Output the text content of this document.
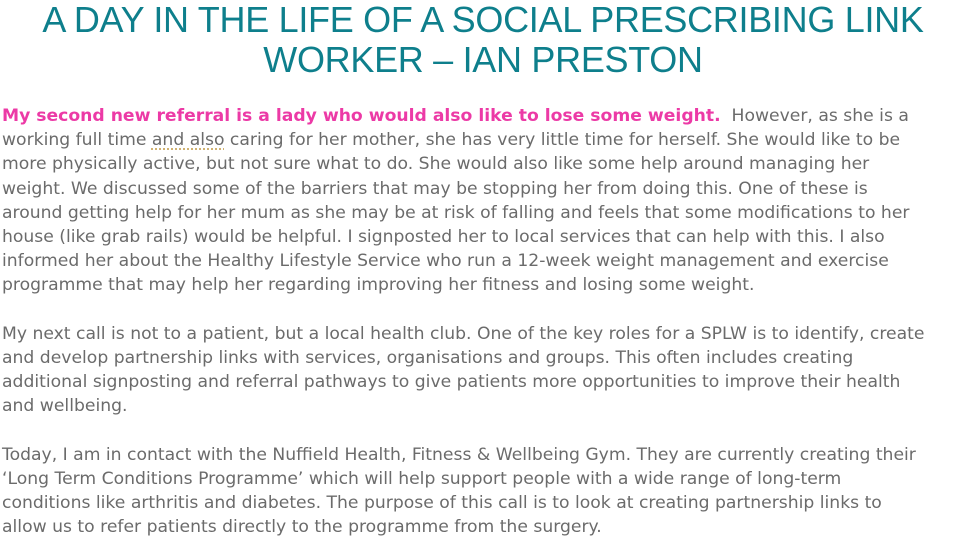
A DAY IN THE LIFE OF A SOCIAL PRESCRIBING LINK
WORKER – IAN PRESTON

My second new referral is a lady who would also like to lose some weight.  However, as she is a
working full time and also caring for her mother, she has very little time for herself. She would like to be
more physically active, but not sure what to do. She would also like some help around managing her
weight. We discussed some of the barriers that may be stopping her from doing this. One of these is
around getting help for her mum as she may be at risk of falling and feels that some modifications to her
house (like grab rails) would be helpful. I signposted her to local services that can help with this. I also
informed her about the Healthy Lifestyle Service who run a 12-week weight management and exercise
programme that may help her regarding improving her fitness and losing some weight.

My next call is not to a patient, but a local health club. One of the key roles for a SPLW is to identify, create
and develop partnership links with services, organisations and groups. This often includes creating
additional signposting and referral pathways to give patients more opportunities to improve their health
and wellbeing.

Today, I am in contact with the Nuffield Health, Fitness & Wellbeing Gym. They are currently creating their
‘Long Term Conditions Programme’ which will help support people with a wide range of long-term
conditions like arthritis and diabetes. The purpose of this call is to look at creating partnership links to
allow us to refer patients directly to the programme from the surgery.
